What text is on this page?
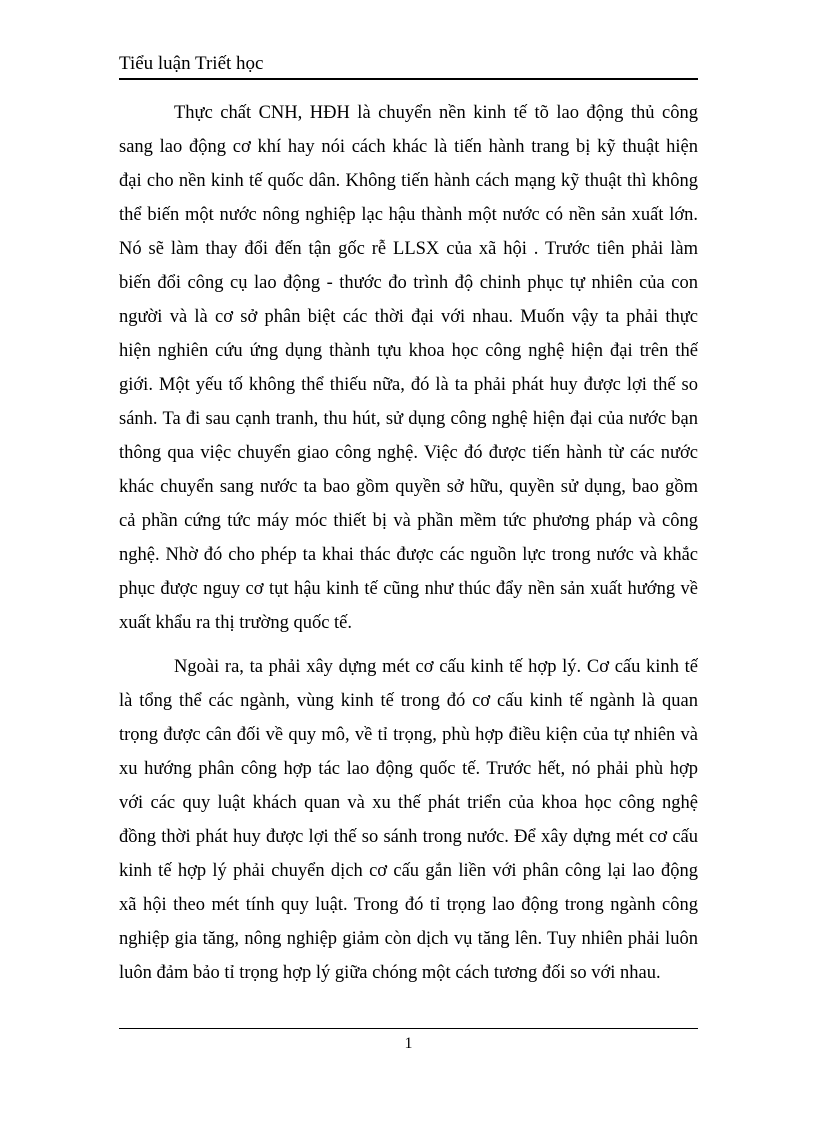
Tiểu luận Triết học
Thực chất CNH, HĐH là chuyển nền kinh tế tõ lao động thủ công
sang lao động cơ khí hay nói cách khác là tiến hành trang bị kỹ thuật hiện
đại cho nền kinh tế quốc dân. Không tiến hành cách mạng kỹ thuật thì không
thể biến một nước nông nghiệp lạc hậu thành một nước có nền sản xuất lớn.
Nó sẽ làm thay đổi đến tận gốc rễ LLSX của xã hội . Trước tiên phải làm
biến đổi công cụ lao động - thước đo trình độ chinh phục tự nhiên của con
người và là cơ sở phân biệt các thời đại với nhau. Muốn vậy ta phải thực
hiện nghiên cứu ứng dụng thành tựu khoa học công nghệ hiện đại trên thế
giới. Một yếu tố không thể thiếu nữa, đó là ta phải phát huy được lợi thế so
sánh. Ta đi sau cạnh tranh, thu hút, sử dụng công nghệ hiện đại của nước bạn
thông qua việc chuyển giao công nghệ. Việc đó được tiến hành từ các nước
khác chuyển sang nước ta bao gồm quyền sở hữu, quyền sử dụng, bao gồm
cả phần cứng tức máy móc thiết bị và phần mềm tức phương pháp và công
nghệ. Nhờ đó cho phép ta khai thác được các nguồn lực trong nước và khắc
phục được nguy cơ tụt hậu kinh tế cũng như thúc đẩy nền sản xuất hướng về
xuất khẩu ra thị trường quốc tế.
Ngoài ra, ta phải xây dựng mét cơ cấu kinh tế hợp lý. Cơ cấu kinh tế
là tổng thể các ngành, vùng kinh tế trong đó cơ cấu kinh tế ngành là quan
trọng được cân đối về quy mô, về tỉ trọng, phù hợp điều kiện của tự nhiên và
xu hướng phân công hợp tác lao động quốc tế. Trước hết, nó phải phù hợp
với các quy luật khách quan và xu thế phát triển của khoa học công nghệ
đồng thời phát huy được lợi thế so sánh trong nước. Để xây dựng mét cơ cấu
kinh tế hợp lý phải chuyển dịch cơ cấu gắn liền với phân công lại lao động
xã hội theo mét tính quy luật. Trong đó tỉ trọng lao động trong ngành công
nghiệp gia tăng, nông nghiệp giảm còn dịch vụ tăng lên. Tuy nhiên phải luôn
luôn đảm bảo tỉ trọng hợp lý giữa chóng một cách tương đối so với nhau.
1
